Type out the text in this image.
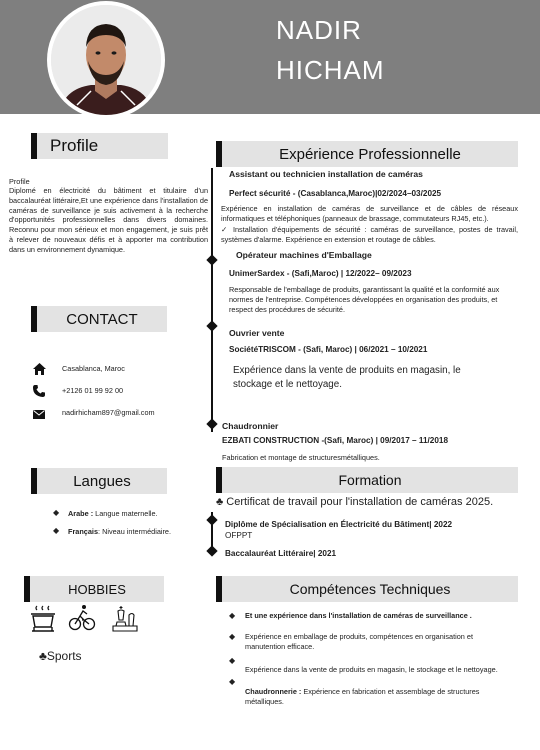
NADIR
HICHAM
Profile
Profile
Diplomé en électricité du bâtiment et titulaire d'un baccalauréat littéraire,Et une expérience dans l'installation de caméras de surveillance je suis activement à la recherche d'opportunités professionnelles dans divers domaines. Reconnu pour mon sérieux et mon engagement, je suis prêt à relever de nouveaux défis et à apporter ma contribution dans un environnement dynamique.
CONTACT
Casablanca, Maroc
+2126 01 99 92 00
nadirhicham897@gmail.com
Langues
◆ Arabe : Langue maternelle.
◆ Français: Niveau intermédiaire.
HOBBIES
♣Sports
Expérience Professionnelle
Assistant ou technicien installation de caméras
Perfect sécurité - (Casablanca,Maroc)|02/2024–03/2025
Expérience en installation de caméras de surveillance et de câbles de réseaux informatiques et téléphoniques (panneaux de brassage, commutateurs RJ45, etc.).
✓ Installation d'équipements de sécurité : caméras de surveillance, postes de travail, systèmes d'alarme. Expérience en extension et routage de câbles.
Opérateur machines d'Emballage
UnimerSardex - (Safi,Maroc) | 12/2022– 09/2023
Responsable de l'emballage de produits, garantissant la qualité et la conformité aux normes de l'entreprise. Compétences développées en organisation des produits, et respect des procédures de sécurité.
Ouvrier vente
SociétéTRISCOM - (Safi, Maroc) | 06/2021 – 10/2021
Expérience dans la vente de produits en magasin, le stockage et le nettoyage.
Chaudronnier
EZBATI CONSTRUCTION -(Safi, Maroc) | 09/2017 – 11/2018
Fabrication et montage de structuresmétalliques.
Formation
♣ Certificat de travail pour l'installation de caméras 2025.
Diplôme de Spécialisation en Électricité du Bâtiment| 2022
OFPPT
Baccalauréat Littéraire| 2021
Compétences Techniques
◆ Et une expérience dans l'installation de caméras de surveillance .
◆ Expérience en emballage de produits, compétences en organisation et manutention efficace.
◆
◆
Expérience dans la vente de produits en magasin, le stockage et le nettoyage.
Chaudronnerie : Expérience en fabrication et assemblage de structures métalliques.
